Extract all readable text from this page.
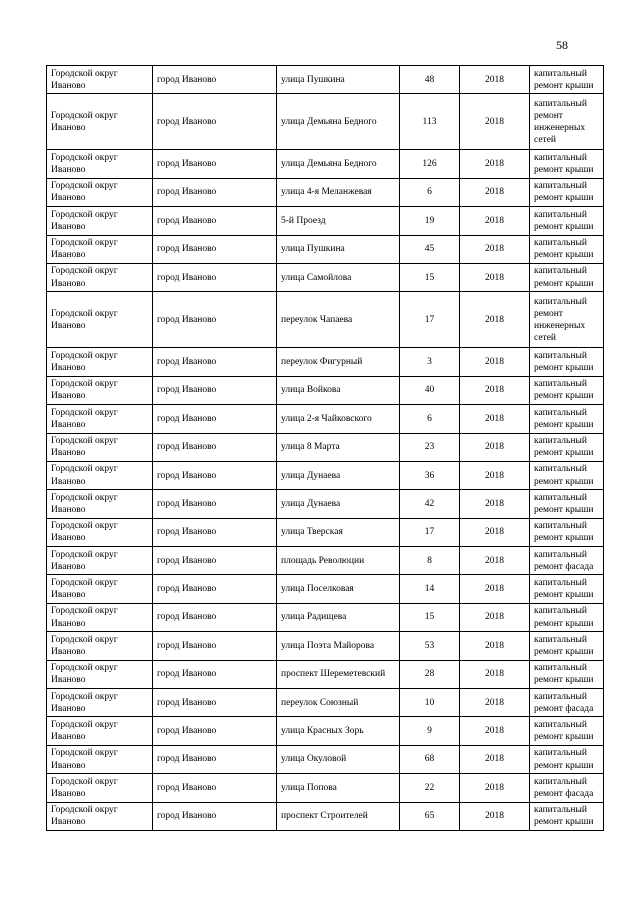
58
Городской округ Иваново	город Иваново	улица Пушкина	48	2018	капитальный ремонт крыши

Городской округ Иваново	город Иваново	улица Демьяна Бедного	113	2018	капитальный ремонт инженерных сетей

Городской округ Иваново	город Иваново	улица Демьяна Бедного	126	2018	капитальный ремонт крыши

Городской округ Иваново	город Иваново	улица 4-я Меланжевая	6	2018	капитальный ремонт крыши

Городской округ Иваново	город Иваново	5-й Проезд	19	2018	капитальный ремонт крыши

Городской округ Иваново	город Иваново	улица Пушкина	45	2018	капитальный ремонт крыши

Городской округ Иваново	город Иваново	улица Самойлова	15	2018	капитальный ремонт крыши

Городской округ Иваново	город Иваново	переулок Чапаева	17	2018	капитальный ремонт инженерных сетей

Городской округ Иваново	город Иваново	переулок Фигурный	3	2018	капитальный ремонт крыши

Городской округ Иваново	город Иваново	улица Войкова	40	2018	капитальный ремонт крыши

Городской округ Иваново	город Иваново	улица 2-я Чайковского	6	2018	капитальный ремонт крыши

Городской округ Иваново	город Иваново	улица 8 Марта	23	2018	капитальный ремонт крыши

Городской округ Иваново	город Иваново	улица Дунаева	36	2018	капитальный ремонт крыши

Городской округ Иваново	город Иваново	улица Дунаева	42	2018	капитальный ремонт крыши

Городской округ Иваново	город Иваново	улица Тверская	17	2018	капитальный ремонт крыши

Городской округ Иваново	город Иваново	площадь Революции	8	2018	капитальный ремонт фасада

Городской округ Иваново	город Иваново	улица Поселковая	14	2018	капитальный ремонт крыши

Городской округ Иваново	город Иваново	улица Радищева	15	2018	капитальный ремонт крыши

Городской округ Иваново	город Иваново	улица Поэта Майорова	53	2018	капитальный ремонт крыши

Городской округ Иваново	город Иваново	проспект Шереметевский	28	2018	капитальный ремонт крыши

Городской округ Иваново	город Иваново	переулок Союзный	10	2018	капитальный ремонт фасада

Городской округ Иваново	город Иваново	улица Красных Зорь	9	2018	капитальный ремонт крыши

Городской округ Иваново	город Иваново	улица Окуловой	68	2018	капитальный ремонт крыши

Городской округ Иваново	город Иваново	улица Попова	22	2018	капитальный ремонт фасада

Городской округ Иваново	город Иваново	проспект Строителей	65	2018	капитальный ремонт крыши
